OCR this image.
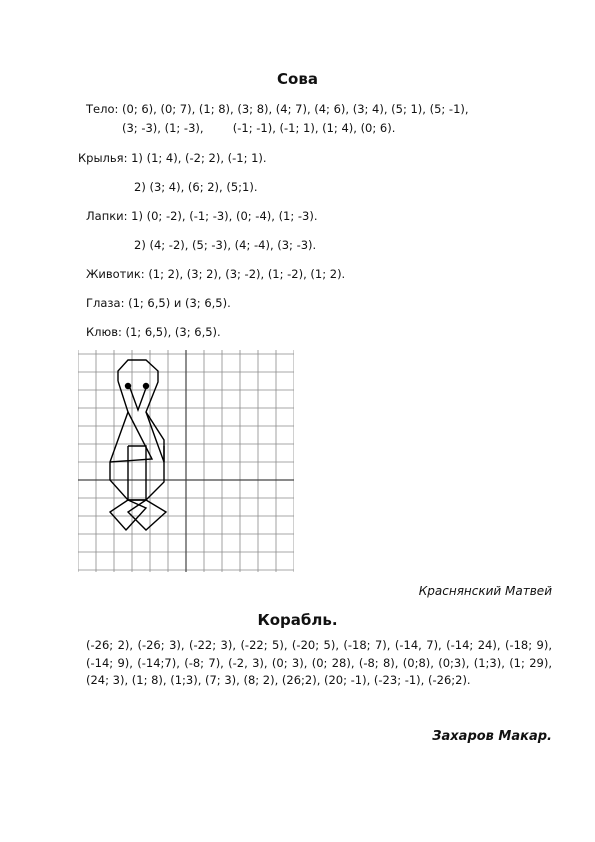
Сова
Тело: (0; 6), (0; 7), (1; 8), (3; 8), (4; 7), (4; 6), (3; 4), (5; 1), (5; -1),
(3; -3), (1; -3),        (-1; -1), (-1; 1), (1; 4), (0; 6).
Крылья: 1) (1; 4), (-2; 2), (-1; 1).
2) (3; 4), (6; 2), (5;1).
Лапки: 1) (0; -2), (-1; -3), (0; -4), (1; -3).
2) (4; -2), (5; -3), (4; -4), (3; -3).
Животик: (1; 2), (3; 2), (3; -2), (1; -2), (1; 2).
Глаза: (1; 6,5) и (3; 6,5).
Клюв: (1; 6,5), (3; 6,5).
Краснянский Матвей
Корабль.
(-26; 2), (-26; 3), (-22; 3), (-22; 5), (-20; 5), (-18; 7), (-14, 7), (-14; 24), (-18; 9), (-14; 9), (-14;7), (-8; 7), (-2, 3), (0; 3), (0; 28), (-8; 8), (0;8), (0;3), (1;3), (1; 29), (24; 3), (1; 8), (1;3), (7; 3), (8; 2), (26;2), (20; -1), (-23; -1), (-26;2).
Захаров Макар.
